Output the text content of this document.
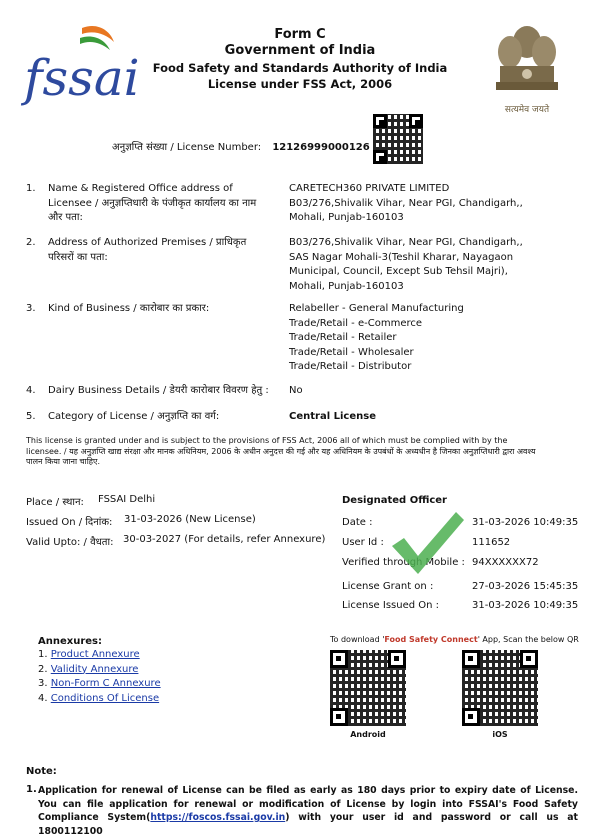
fssai
Form C
Government of India
Food Safety and Standards Authority of India
License under FSS Act, 2006
सत्यमेव जयते
अनुज्ञप्ति संख्या / License Number: 12126999000126
1. Name & Registered Office address of Licensee / अनुज्ञप्तिधारी के पंजीकृत कार्यालय का नाम और पता:
CARETECH360 PRIVATE LIMITED
B03/276,Shivalik Vihar, Near PGI, Chandigarh,,
Mohali, Punjab-160103
2. Address of Authorized Premises / प्राधिकृत परिसरों का पता:
B03/276,Shivalik Vihar, Near PGI, Chandigarh,,
SAS Nagar Mohali-3(Teshil Kharar, Nayagaon
Municipal, Council, Except Sub Tehsil Majri),
Mohali, Punjab-160103
3. Kind of Business / कारोबार का प्रकार:	Relabeller - General Manufacturing
Trade/Retail - e-Commerce
Trade/Retail - Retailer
Trade/Retail - Wholesaler
Trade/Retail - Distributor
4. Dairy Business Details / डेयरी कारोबार विवरण हेतु :	No
5. Category of License / अनुज्ञप्ति का वर्ग:	Central License
This license is granted under and is subject to the provisions of FSS Act, 2006 all of which must be complied with by the licensee. / यह अनुज्ञप्ति खाद्य संरक्षा और मानक अधिनियम, 2006 के अधीन अनुदत्त की गई और यह अधिनियम के उपबंधों के अध्यधीन है जिनका अनुज्ञप्तिधारी द्वारा अवश्य पालन किया जाना चाहिए.
Place / स्थान: FSSAI Delhi
Issued On / दिनांक: 31-03-2026 (New License)
Valid Upto: / वैधता: 30-03-2027 (For details, refer Annexure)
Designated Officer
Date :	31-03-2026 10:49:35
User Id :	111652
Verified through Mobile : 94XXXXXX72
License Grant on :	27-03-2026 15:45:35
License Issued On :	31-03-2026 10:49:35
Annexures:
1. Product Annexure
2. Validity Annexure
3. Non-Form C Annexure
4. Conditions Of License
To download 'Food Safety Connect' App, Scan the below QR
Android	iOS
Note:
1. Application for renewal of License can be filed as early as 180 days prior to expiry date of License. You can file application for renewal or modification of License by login into FSSAI's Food Safety Compliance System(https://foscos.fssai.gov.in) with your user id and password or call us at 1800112100
